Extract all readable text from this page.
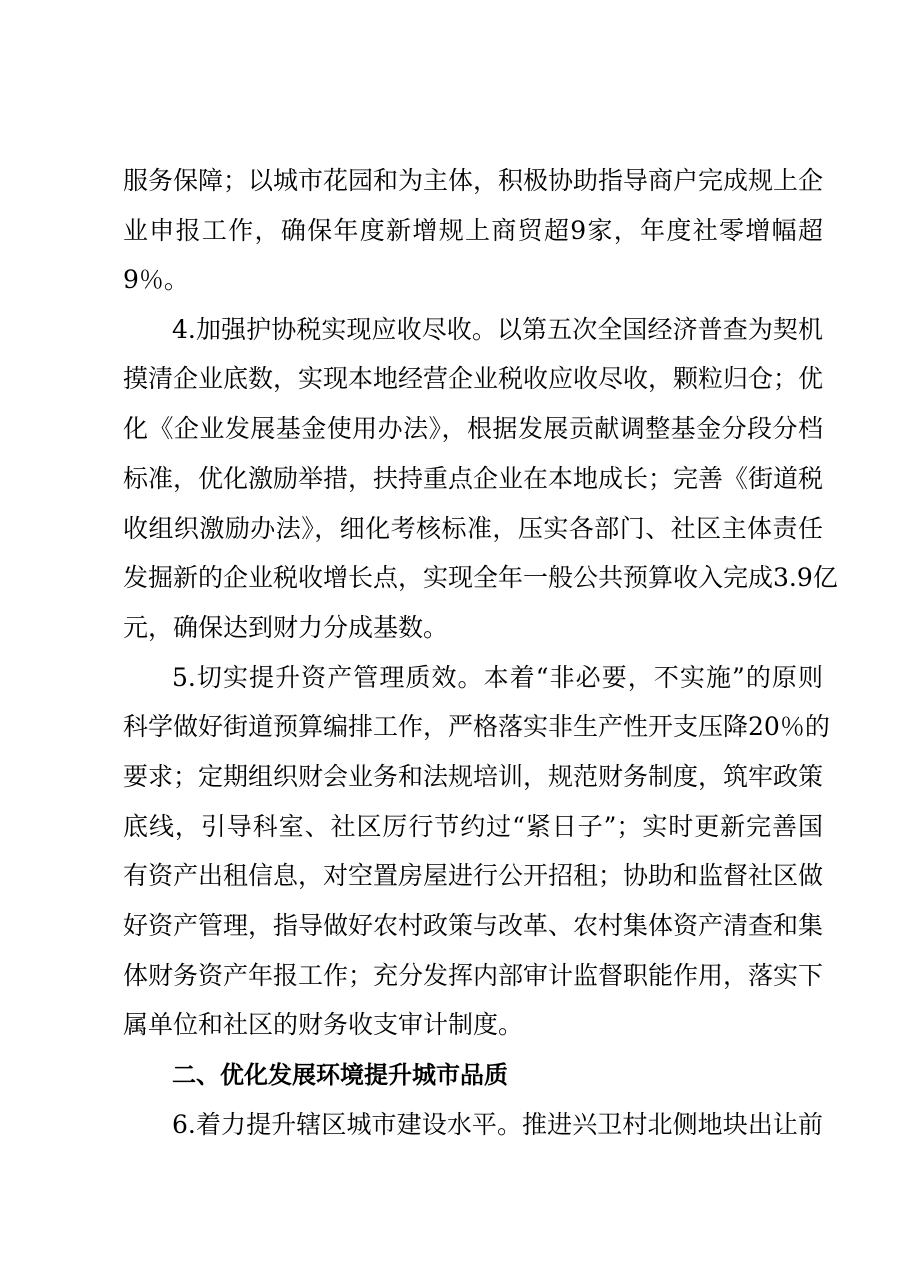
服务保障；以城市花园和为主体，积极协助指导商户完成规上企
业申报工作，确保年度新增规上商贸超9家，年度社零增幅超
9％。
4.加强护协税实现应收尽收。以第五次全国经济普查为契机
摸清企业底数，实现本地经营企业税收应收尽收，颗粒归仓；优
化《企业发展基金使用办法》，根据发展贡献调整基金分段分档
标准，优化激励举措，扶持重点企业在本地成长；完善《街道税
收组织激励办法》，细化考核标准，压实各部门、社区主体责任
发掘新的企业税收增长点，实现全年一般公共预算收入完成3.9亿
元，确保达到财力分成基数。
5.切实提升资产管理质效。本着“非必要，不实施”的原则
科学做好街道预算编排工作，严格落实非生产性开支压降20％的
要求；定期组织财会业务和法规培训，规范财务制度，筑牢政策
底线，引导科室、社区厉行节约过“紧日子”；实时更新完善国
有资产出租信息，对空置房屋进行公开招租；协助和监督社区做
好资产管理，指导做好农村政策与改革、农村集体资产清查和集
体财务资产年报工作；充分发挥内部审计监督职能作用，落实下
属单位和社区的财务收支审计制度。
二、优化发展环境提升城市品质
6.着力提升辖区城市建设水平。推进兴卫村北侧地块出让前
